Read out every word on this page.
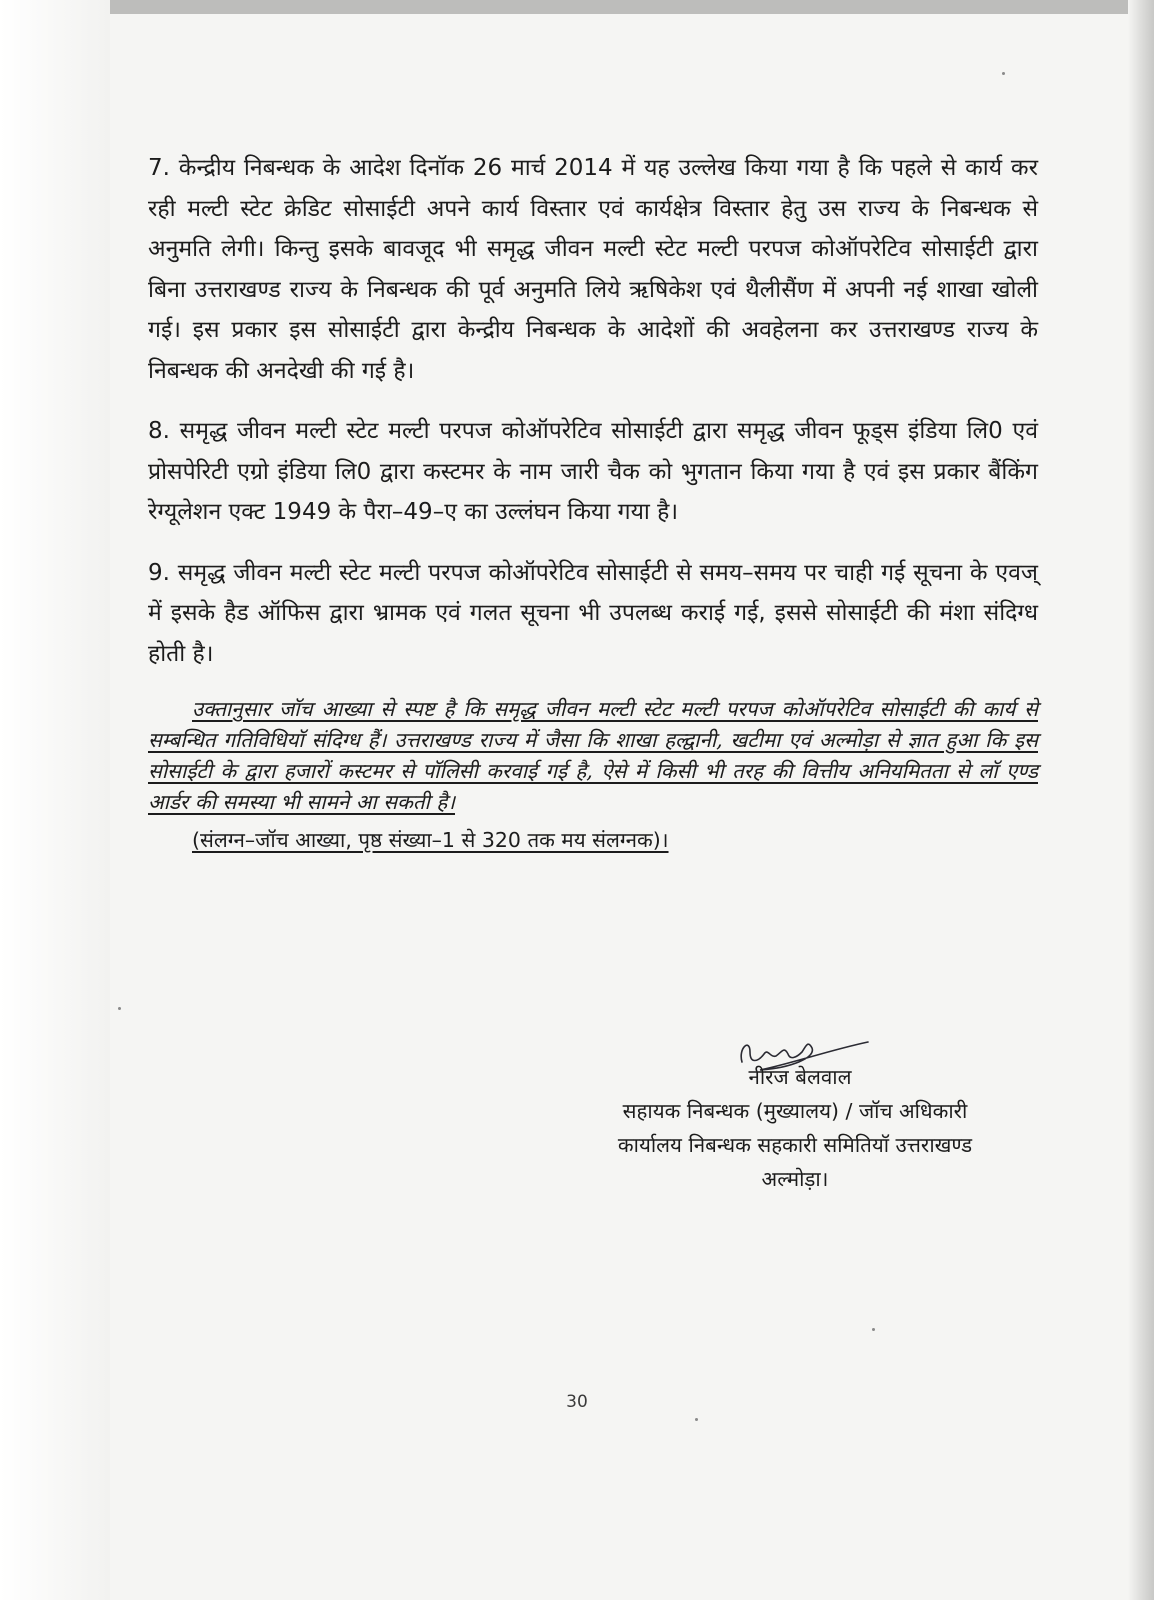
7. केन्द्रीय निबन्धक के आदेश दिनॉक 26 मार्च 2014 में यह उल्लेख किया गया है कि पहले से कार्य कर रही मल्टी स्टेट क्रेडिट सोसाईटी अपने कार्य विस्तार एवं कार्यक्षेत्र विस्तार हेतु उस राज्य के निबन्धक से अनुमति लेगी। किन्तु इसके बावजूद भी समृद्ध जीवन मल्टी स्टेट मल्टी परपज कोऑपरेटिव सोसाईटी द्वारा बिना उत्तराखण्ड राज्य के निबन्धक की पूर्व अनुमति लिये ऋषिकेश एवं थैलीसैंण में अपनी नई शाखा खोली गई। इस प्रकार इस सोसाईटी द्वारा केन्द्रीय निबन्धक के आदेशों की अवहेलना कर उत्तराखण्ड राज्य के निबन्धक की अनदेखी की गई है।

8. समृद्ध जीवन मल्टी स्टेट मल्टी परपज कोऑपरेटिव सोसाईटी द्वारा समृद्ध जीवन फूड्स इंडिया लि0 एवं प्रोसपेरिटी एग्रो इंडिया लि0 द्वारा कस्टमर के नाम जारी चैक को भुगतान किया गया है एवं इस प्रकार बैंकिंग रेग्यूलेशन एक्ट 1949 के पैरा–49–ए का उल्लंघन किया गया है।

9. समृद्ध जीवन मल्टी स्टेट मल्टी परपज कोऑपरेटिव सोसाईटी से समय–समय पर चाही गई सूचना के एवज् में इसके हैड ऑफिस द्वारा भ्रामक एवं गलत सूचना भी उपलब्ध कराई गई, इससे सोसाईटी की मंशा संदिग्ध होती है।

उक्तानुसार जॉच आख्या से स्पष्ट है कि समृद्ध जीवन मल्टी स्टेट मल्टी परपज कोऑपरेटिव सोसाईटी की कार्य से सम्बन्धित गतिविधियॉ संदिग्ध हैं। उत्तराखण्ड राज्य में जैसा कि शाखा हल्द्वानी, खटीमा एवं अल्मोड़ा से ज्ञात हुआ कि इस सोसाईटी के द्वारा हजारों कस्टमर से पॉलिसी करवाई गई है, ऐसे में किसी भी तरह की वित्तीय अनियमितता से लॉ एण्ड आर्डर की समस्या भी सामने आ सकती है।
(संलग्न–जॉच आख्या, पृष्ठ संख्या–1 से 320 तक मय संलग्नक)।
नीरज बेलवाल
सहायक निबन्धक (मुख्यालय) / जॉच अधिकारी
कार्यालय निबन्धक सहकारी समितियॉ उत्तराखण्ड
अल्मोड़ा।
30
